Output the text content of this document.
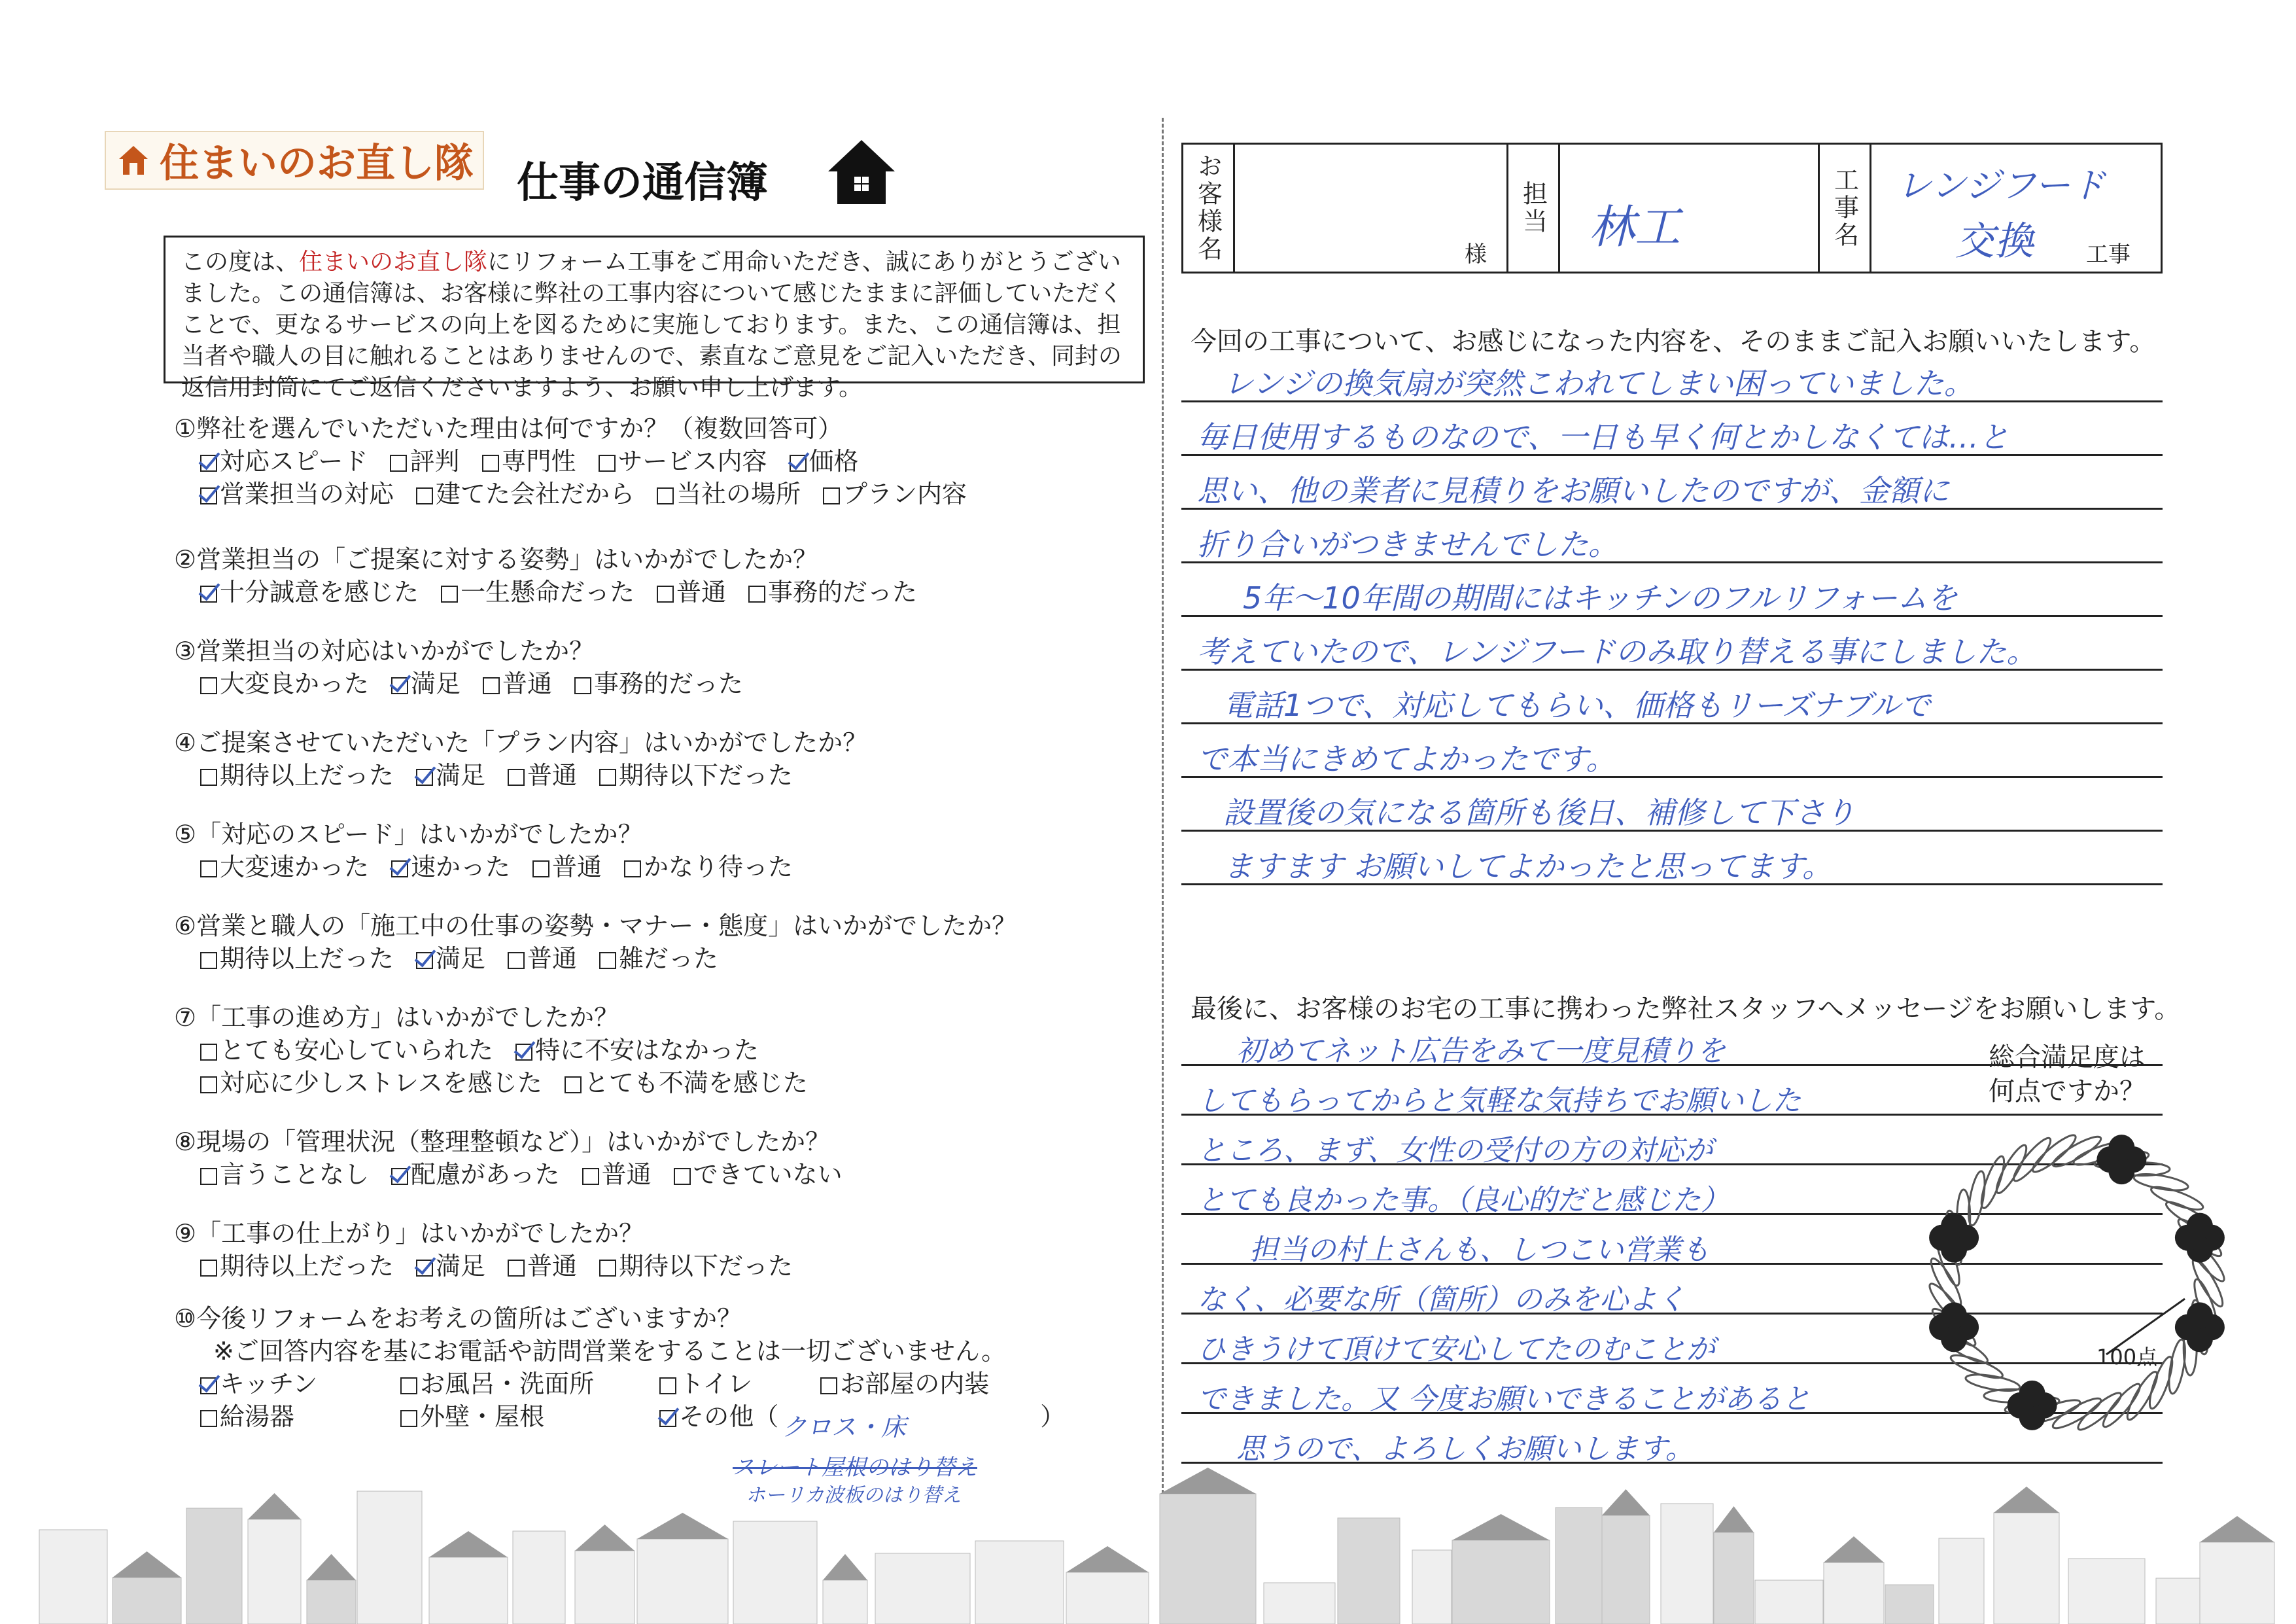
住まいのお直し隊 仕事の通信簿
この度は、住まいのお直し隊にリフォーム工事をご用命いただき、誠にありがとうございました。この通信簿は、お客様に弊社の工事内容について感じたままに評価していただくことで、更なるサービスの向上を図るために実施しております。また、この通信簿は、担当者や職人の目に触れることはありませんので、素直なご意見をご記入いただき、同封の返信用封筒にてご返信くださいますよう、お願い申し上げます。
①弊社を選んでいただいた理由は何ですか？（複数回答可）
対応スピード 評判 専門性 サービス内容 価格
営業担当の対応 建てた会社だから 当社の場所 プラン内容
②営業担当の「ご提案に対する姿勢」はいかがでしたか？
十分誠意を感じた 一生懸命だった 普通 事務的だった
③営業担当の対応はいかがでしたか？
大変良かった 満足 普通 事務的だった
④ご提案させていただいた「プラン内容」はいかがでしたか？
期待以上だった 満足 普通 期待以下だった
⑤「対応のスピード」はいかがでしたか？
大変速かった 速かった 普通 かなり待った
⑥営業と職人の「施工中の仕事の姿勢・マナー・態度」はいかがでしたか？
期待以上だった 満足 普通 雑だった
⑦「工事の進め方」はいかがでしたか？
とても安心していられた 特に不安はなかった
対応に少しストレスを感じた とても不満を感じた
⑧現場の「管理状況（整理整頓など）」はいかがでしたか？
言うことなし 配慮があった 普通 できていない
⑨「工事の仕上がり」はいかがでしたか？
期待以上だった 満足 普通 期待以下だった
⑩今後リフォームをお考えの箇所はございますか？
※ご回答内容を基にお電話や訪問営業をすることは一切ございません。
キッチン	お風呂・洗面所	トイレ	お部屋の内装
給湯器	外壁・屋根	その他（	）
クロス・床
スレート屋根のはり替え
ホーリカ波板のはり替え
お客様名	様
担当 林工	工事名	レンジフード
交換 工事
今回の工事について、お感じになった内容を、そのままご記入お願いいたします。
レンジの換気扇が突然こわれてしまい困っていました。
毎日使用するものなので、一日も早く何とかしなくては…と
思い、他の業者に見積りをお願いしたのですが、金額に
折り合いがつきませんでした。
5年〜10年間の期間にはキッチンのフルリフォームを
考えていたので、レンジフードのみ取り替える事にしました。
電話1つで、対応してもらい、価格もリーズナブルで
で本当にきめてよかったです。
設置後の気になる箇所も後日、補修して下さり
ますます お願いしてよかったと思ってます。
最後に、お客様のお宅の工事に携わった弊社スタッフへメッセージをお願いします。
初めてネット広告をみて一度見積りを
してもらってからと気軽な気持ちでお願いした
ところ、まず、女性の受付の方の対応が
とても良かった事。（良心的だと感じた）
担当の村上さんも、しつこい営業も
なく、必要な所（箇所）のみを心よく
ひきうけて頂けて安心してたのむことが
できました。又 今度お願いできることがあると
思うので、よろしくお願いします。
総合満足度は
何点ですか？
100点
